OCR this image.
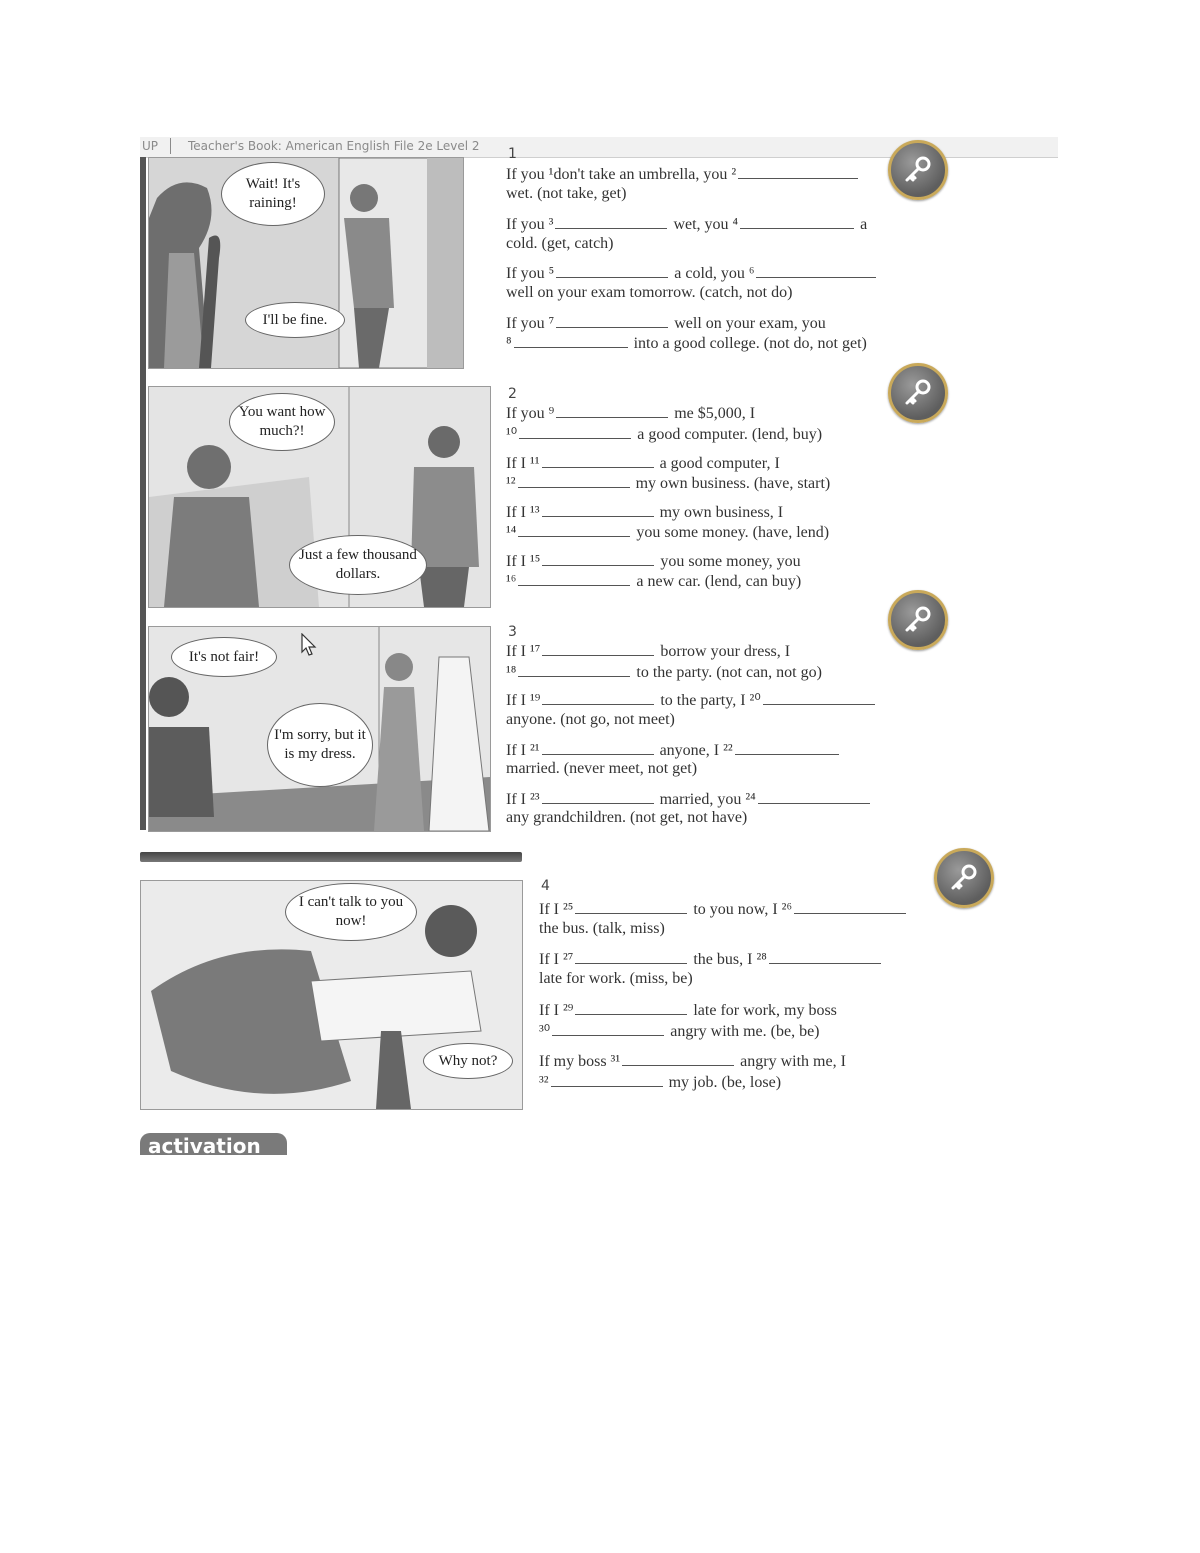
UP Teacher's Book: American English File 2e Level 2
Wait! It's raining!
I'll be fine.
You want how much?!
Just a few thousand dollars.
It's not fair!
I'm sorry, but it is my dress.
I can't talk to you now!
Why not?
1
If you ¹don't take an umbrella, you ²
wet. (not take, get)
If you ³	wet, you ⁴	a
cold. (get, catch)
If you ⁵	a cold, you ⁶
well on your exam tomorrow. (catch, not do)
If you ⁷	well on your exam, you
⁸	into a good college. (not do, not get)
2
If you ⁹	me $5,000, I
¹⁰	a good computer. (lend, buy)
If I ¹¹	a good computer, I
¹²	my own business. (have, start)
If I ¹³	my own business, I
¹⁴	you some money. (have, lend)
If I ¹⁵	you some money, you
¹⁶	a new car. (lend, can buy)
3
If I ¹⁷	borrow your dress, I
¹⁸	to the party. (not can, not go)
If I ¹⁹	to the party, I ²⁰
anyone. (not go, not meet)
If I ²¹	anyone, I ²²
married. (never meet, not get)
If I ²³	married, you ²⁴
any grandchildren. (not get, not have)
4
If I ²⁵	to you now, I ²⁶
the bus. (talk, miss)
If I ²⁷	the bus, I ²⁸
late for work. (miss, be)
If I ²⁹	late for work, my boss
³⁰	angry with me. (be, be)
If my boss ³¹	angry with me, I
³²	my job. (be, lose)
activation
